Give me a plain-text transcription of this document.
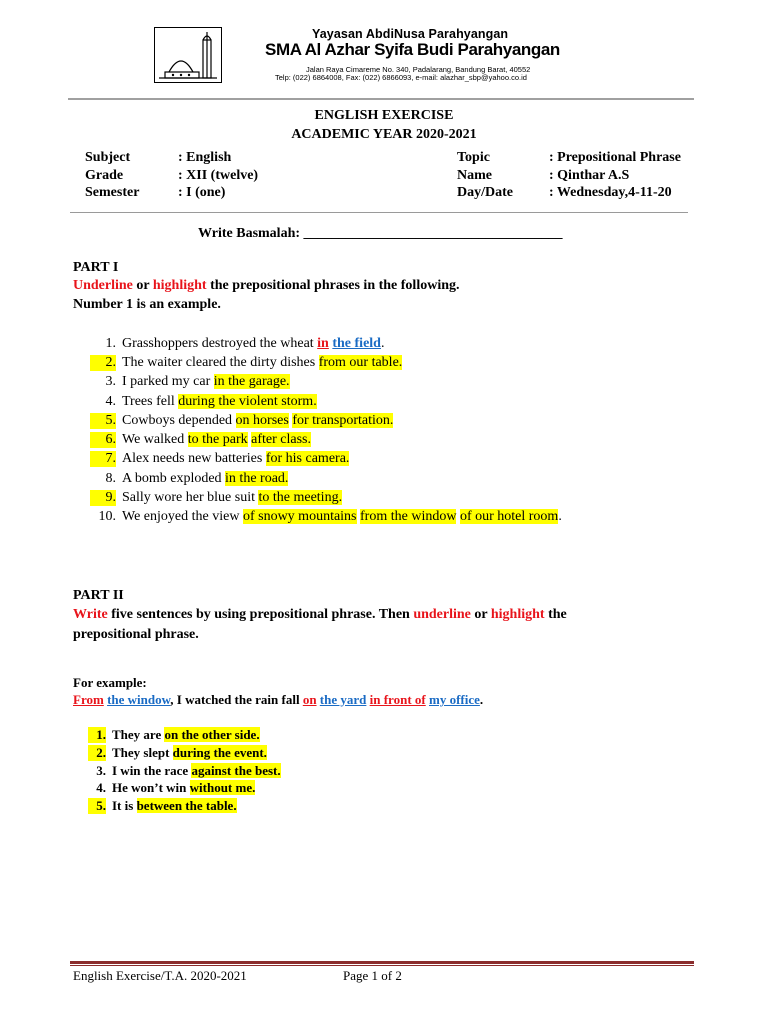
Yayasan AbdiNusa Parahyangan
SMA Al Azhar Syifa Budi Parahyangan
Jalan Raya Cimareme No. 340, Padalarang, Bandung Barat, 40552
Telp: (022) 6864008, Fax: (022) 6866093, e-mail: alazhar_sbp@yahoo.co.id
ENGLISH EXERCISE
ACADEMIC YEAR 2020-2021
Subject	: English
Grade	: XII (twelve)
Semester	: I (one)
Topic	: Prepositional Phrase
Name	: Qinthar A.S
Day/Date	: Wednesday,4-11-20
Write Basmalah: _____________________________________
PART I
Underline or highlight the prepositional phrases in the following.
Number 1 is an example.
1. Grasshoppers destroyed the wheat in the field.
2. The waiter cleared the dirty dishes from our table.
3. I parked my car in the garage.
4. Trees fell during the violent storm.
5. Cowboys depended on horses for transportation.
6. We walked to the park after class.
7. Alex needs new batteries for his camera.
8. A bomb exploded in the road.
9. Sally wore her blue suit to the meeting.
10. We enjoyed the view of snowy mountains from the window of our hotel room.
PART II
Write five sentences by using prepositional phrase. Then underline or highlight the
prepositional phrase.
For example:
From the window, I watched the rain fall on the yard in front of my office.
1. They are on the other side.
2. They slept during the event.
3. I win the race against the best.
4. He won’t win without me.
5. It is between the table.
English Exercise/T.A. 2020-2021	Page 1 of 2
